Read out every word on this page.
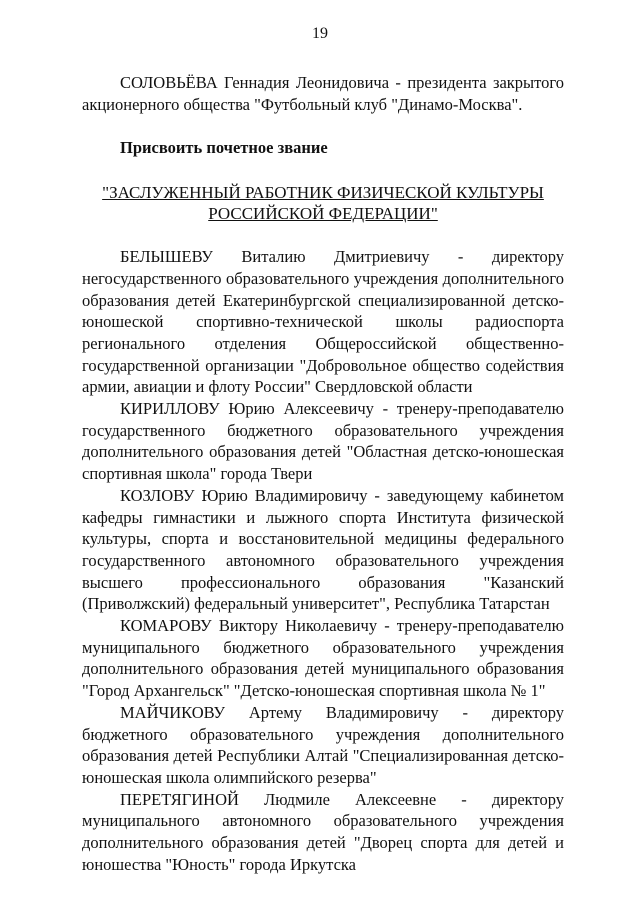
19

СОЛОВЬЁВА Геннадия Леонидовича - президента закрытого акционерного общества "Футбольный клуб "Динамо-Москва".

Присвоить почетное звание

"ЗАСЛУЖЕННЫЙ РАБОТНИК ФИЗИЧЕСКОЙ КУЛЬТУРЫ
РОССИЙСКОЙ ФЕДЕРАЦИИ"

БЕЛЫШЕВУ Виталию Дмитриевичу - директору негосударственного образовательного учреждения дополнительного образования детей Екатеринбургской специализированной детско-юношеской спортивно-технической школы радиоспорта регионального отделения Общероссийской общественно-государственной организации "Добровольное общество содействия армии, авиации и флоту России" Свердловской области

КИРИЛЛОВУ Юрию Алексеевичу - тренеру-преподавателю государственного бюджетного образовательного учреждения дополнительного образования детей "Областная детско-юношеская спортивная школа" города Твери

КОЗЛОВУ Юрию Владимировичу - заведующему кабинетом кафедры гимнастики и лыжного спорта Института физической культуры, спорта и восстановительной медицины федерального государственного автономного образовательного учреждения высшего профессионального образования "Казанский (Приволжский) федеральный университет", Республика Татарстан

КОМАРОВУ Виктору Николаевичу - тренеру-преподавателю муниципального бюджетного образовательного учреждения дополнительного образования детей муниципального образования "Город Архангельск" "Детско-юношеская спортивная школа № 1"

МАЙЧИКОВУ Артему Владимировичу - директору бюджетного образовательного учреждения дополнительного образования детей Республики Алтай "Специализированная детско-юношеская школа олимпийского резерва"

ПЕРЕТЯГИНОЙ Людмиле Алексеевне - директору муниципального автономного образовательного учреждения дополнительного образования детей "Дворец спорта для детей и юношества "Юность" города Иркутска
